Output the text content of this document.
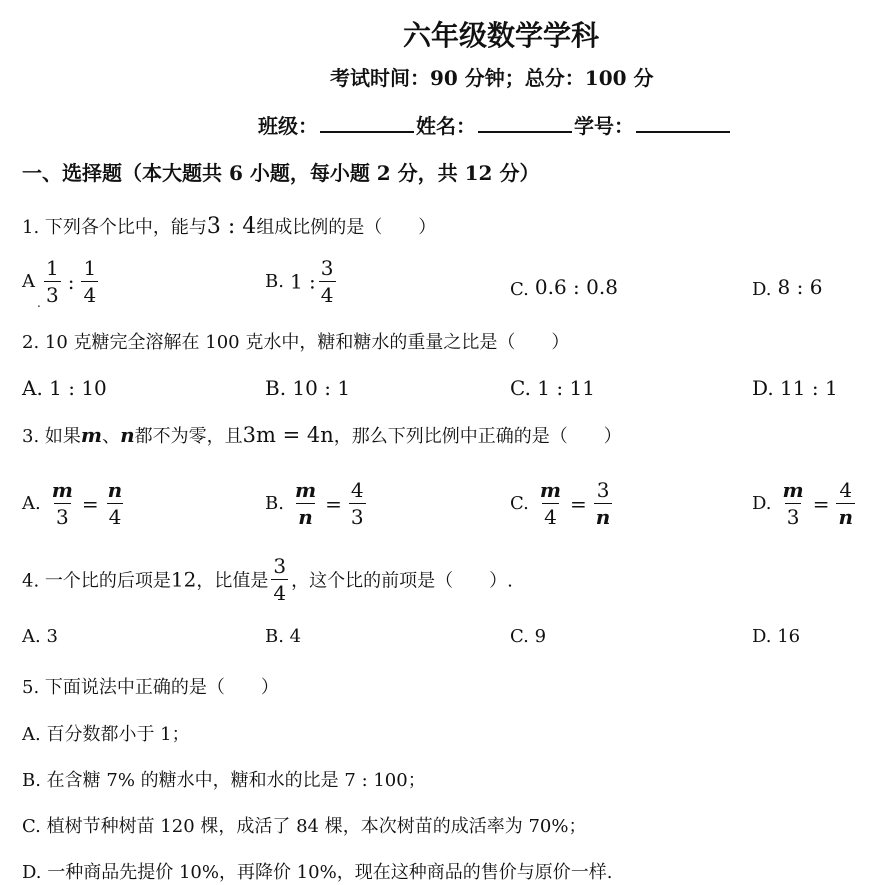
六年级数学学科
考试时间：90 分钟；总分：100 分
班级：	姓名：	学号：
一、选择题（本大题共 6 小题，每小题 2 分，共 12 分）
1. 下列各个比中，能与3 : 4组成比例的是（　　）
A $\frac{1}{3}$ : $\frac{1}{4}$
.
B. 1 : $\frac{3}{4}$	C. 0.6 : 0.8	D. 8 : 6
2. 10 克糖完全溶解在 100 克水中，糖和糖水的重量之比是（　　）
A. 1 : 10	B. 10 : 1	C. 1 : 11	D. 11 : 1
3. 如果m、n都不为零，且3m = 4n，那么下列比例中正确的是（　　）
A. $\frac{m}{3} = \frac{n}{4}$	B. $\frac{m}{n} = \frac{4}{3}$	C. $\frac{m}{4} = \frac{3}{n}$	D. $\frac{m}{3} = \frac{4}{n}$
4. 一个比的后项是12，比值是 $\frac{3}{4}$ ，这个比的前项是（　　）.
A. 3	B. 4	C. 9	D. 16
5. 下面说法中正确的是（　　）
A. 百分数都小于 1；
B. 在含糖 7% 的糖水中，糖和水的比是 7 : 100；
C. 植树节种树苗 120 棵，成活了 84 棵，本次树苗的成活率为 70%；
D. 一种商品先提价 10%，再降价 10%，现在这种商品的售价与原价一样.
